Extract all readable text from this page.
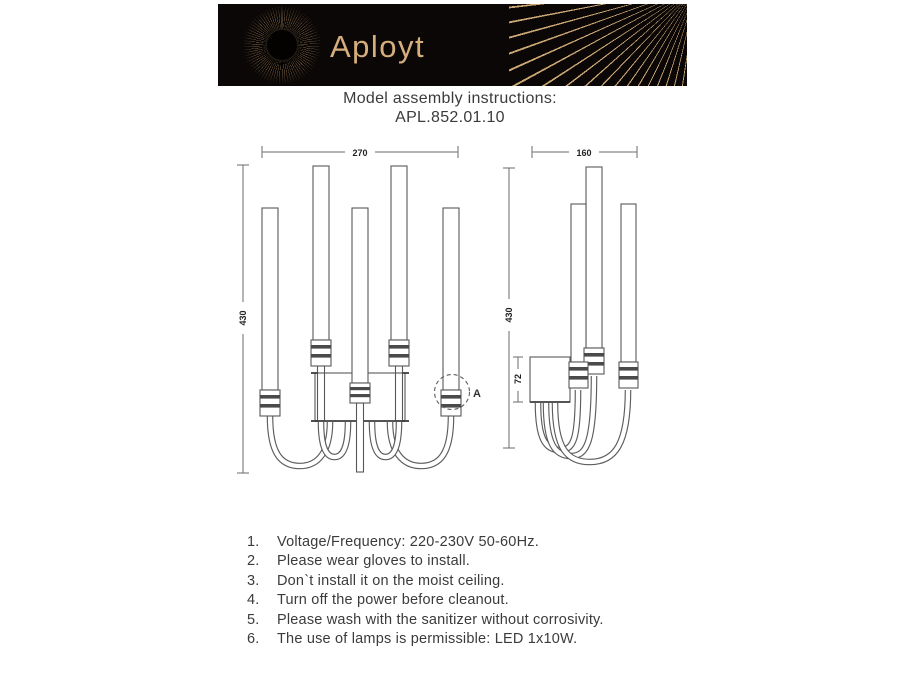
Aployt
Model assembly instructions:
APL.852.01.10
270
430
A
160
430
72
1.	Voltage/Frequency: 220-230V 50-60Hz.
2.	Please wear gloves to install.
3.	Don`t install it on the moist ceiling.
4.	Turn off the power before cleanout.
5.	Please wash with the sanitizer without corrosivity.
6.	The use of lamps is permissible: LED 1x10W.
